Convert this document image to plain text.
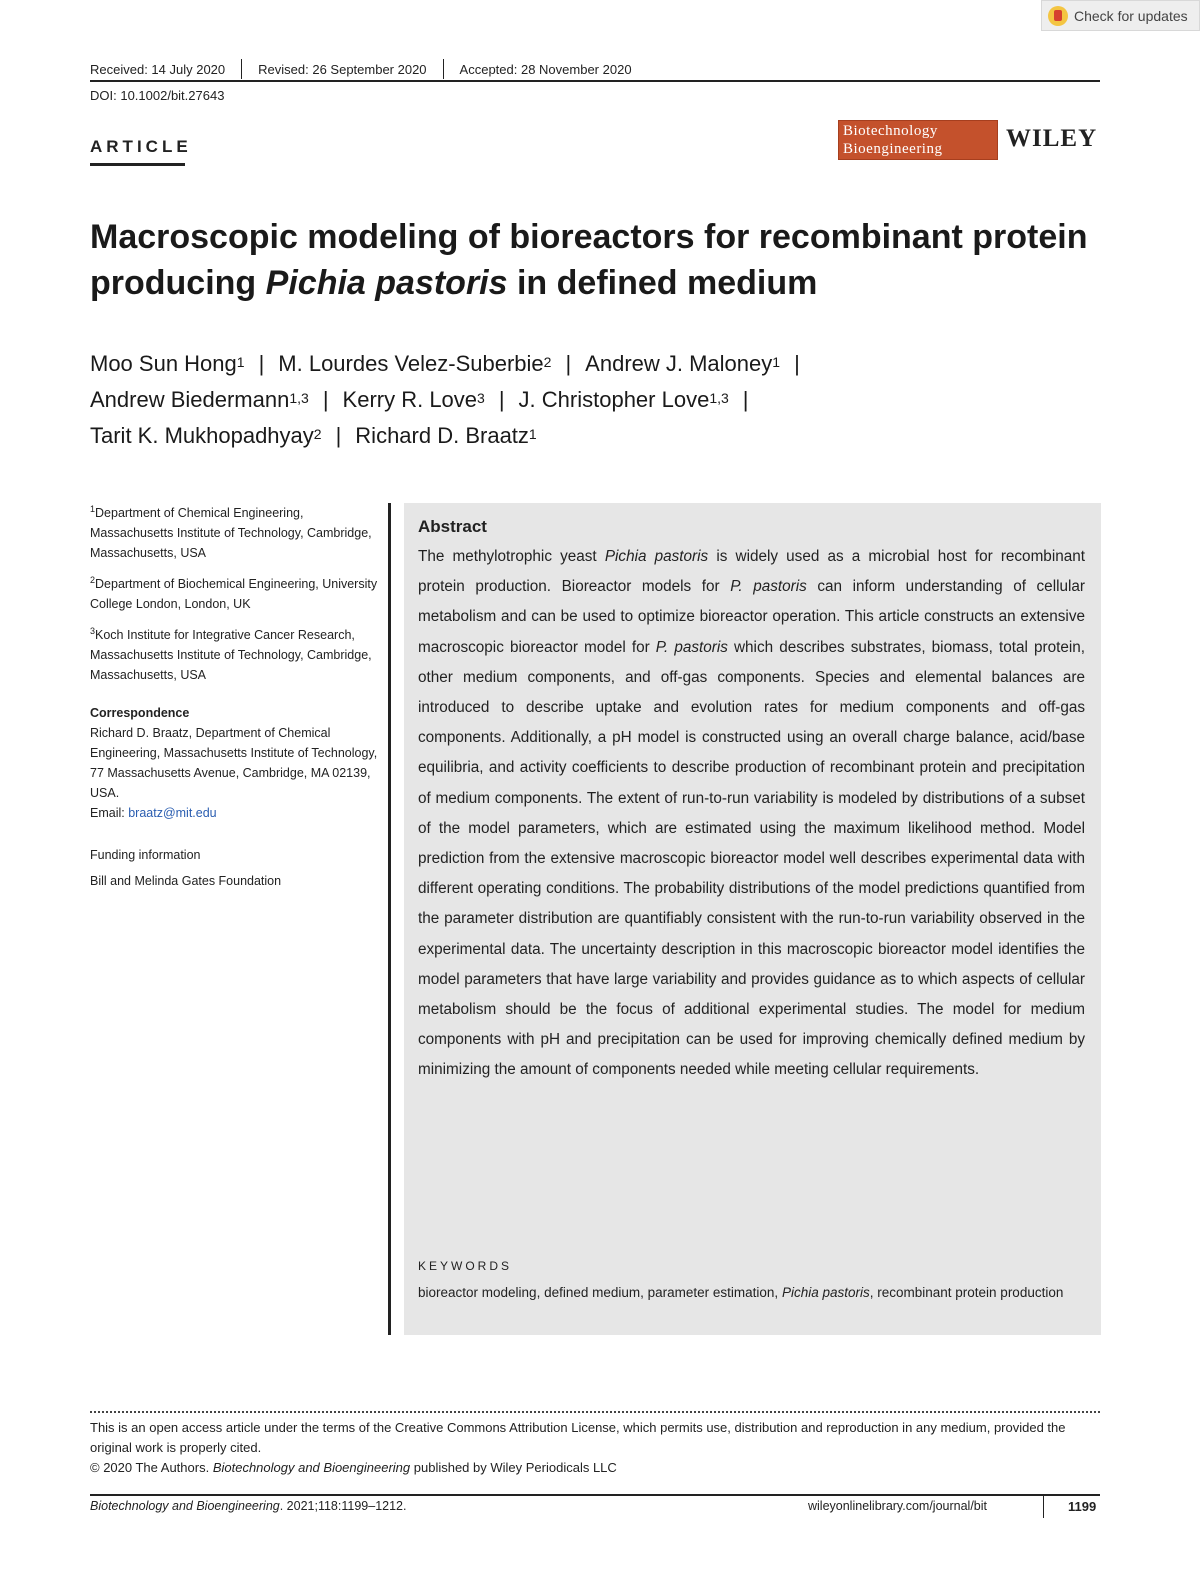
Check for updates
Received: 14 July 2020	Revised: 26 September 2020	Accepted: 28 November 2020
DOI: 10.1002/bit.27643
ARTICLE
Biotechnology
Bioengineering	WILEY
Macroscopic modeling of bioreactors for recombinant protein producing Pichia pastoris in defined medium
Moo Sun Hong$^1$ | M. Lourdes Velez-Suberbie$^2$ | Andrew J. Maloney$^1$ |
Andrew Biedermann$^{1,3}$ | Kerry R. Love$^3$ | J. Christopher Love$^{1,3}$ |
Tarit K. Mukhopadhyay$^2$ | Richard D. Braatz$^1$

$^1$Department of Chemical Engineering, Massachusetts Institute of Technology, Cambridge, Massachusetts, USA

$^2$Department of Biochemical Engineering, University College London, London, UK

$^3$Koch Institute for Integrative Cancer Research, Massachusetts Institute of Technology, Cambridge, Massachusetts, USA

Correspondence
Richard D. Braatz, Department of Chemical Engineering, Massachusetts Institute of Technology, 77 Massachusetts Avenue, Cambridge, MA 02139, USA.
Email: braatz@mit.edu
Funding information
Bill and Melinda Gates Foundation
Abstract
The methylotrophic yeast Pichia pastoris is widely used as a microbial host for recombinant protein production. Bioreactor models for P. pastoris can inform understanding of cellular metabolism and can be used to optimize bioreactor operation. This article constructs an extensive macroscopic bioreactor model for P. pastoris which describes substrates, biomass, total protein, other medium components, and off-gas components. Species and elemental balances are introduced to describe uptake and evolution rates for medium components and off-gas components. Additionally, a pH model is constructed using an overall charge balance, acid/base equilibria, and activity coefficients to describe production of recombinant protein and precipitation of medium components. The extent of run-to-run variability is modeled by distributions of a subset of the model parameters, which are estimated using the maximum likelihood method. Model prediction from the extensive macroscopic bioreactor model well describes experimental data with different operating conditions. The probability distributions of the model predictions quantified from the parameter distribution are quantifiably consistent with the run-to-run variability observed in the experimental data. The uncertainty description in this macroscopic bioreactor model identifies the model parameters that have large variability and provides guidance as to which aspects of cellular metabolism should be the focus of additional experimental studies. The model for medium components with pH and precipitation can be used for improving chemically defined medium by minimizing the amount of components needed while meeting cellular requirements.
KEYWORDS
bioreactor modeling, defined medium, parameter estimation, Pichia pastoris, recombinant protein production
This is an open access article under the terms of the Creative Commons Attribution License, which permits use, distribution and reproduction in any medium, provided the original work is properly cited.
© 2020 The Authors. Biotechnology and Bioengineering published by Wiley Periodicals LLC
Biotechnology and Bioengineering. 2021;118:1199–1212.	wileyonlinelibrary.com/journal/bit	1199
